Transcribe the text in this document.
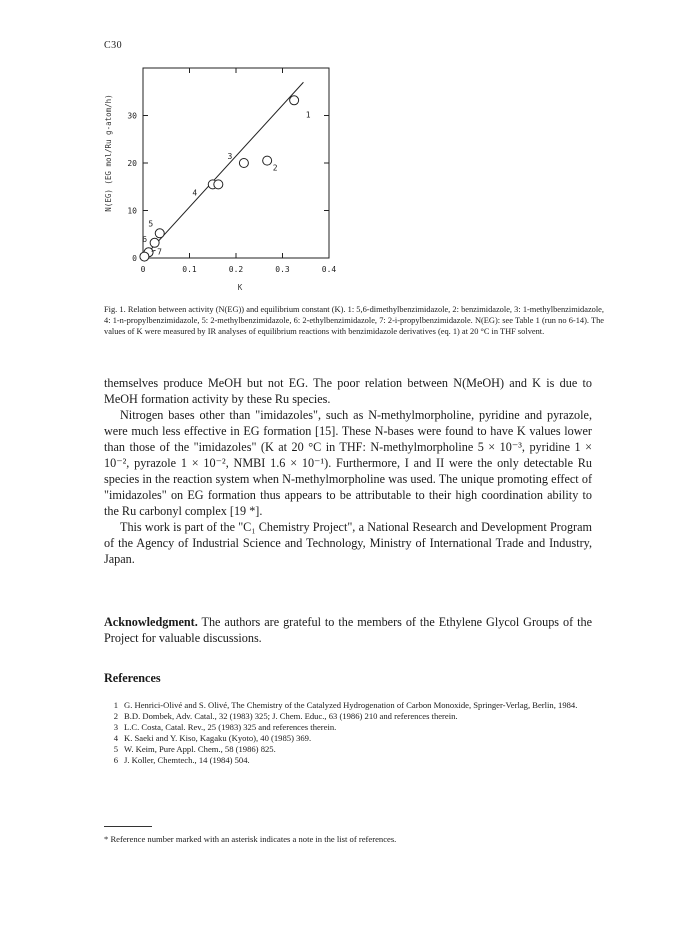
C30
0	0.1	0.2	0.3	0.4
0
10
20
30
N(EG) (EG mol/Ru g-atom/h)
K
1
2
3
4
5
6
7
Fig. 1. Relation between activity (N(EG)) and equilibrium constant (K). 1: 5,6-dimethylbenzimidazole, 2: benzimidazole, 3: 1-methylbenzimidazole, 4: 1-n-propylbenzimidazole, 5: 2-methylbenzimidazole, 6: 2-ethylbenzimidazole, 7: 2-i-propylbenzimidazole. N(EG): see Table 1 (run no 6-14). The values of K were measured by IR analyses of equilibrium reactions with benzimidazole derivatives (eq. 1) at 20 °C in THF solvent.

themselves produce MeOH but not EG. The poor relation between N(MeOH) and K is due to MeOH formation activity by these Ru species.

Nitrogen bases other than "imidazoles", such as N-methylmorpholine, pyridine and pyrazole, were much less effective in EG formation [15]. These N-bases were found to have K values lower than those of the "imidazoles" (K at 20 °C in THF: N-methylmorpholine 5 × 10⁻³, pyridine 1 × 10⁻², pyrazole 1 × 10⁻², NMBI 1.6 × 10⁻¹). Furthermore, I and II were the only detectable Ru species in the reaction system when N-methylmorpholine was used. The unique promoting effect of "imidazoles" on EG formation thus appears to be attributable to their high coordination ability to the Ru carbonyl complex [19 *].

This work is part of the "C₁ Chemistry Project", a National Research and Development Program of the Agency of Industrial Science and Technology, Ministry of International Trade and Industry, Japan.

Acknowledgment. The authors are grateful to the members of the Ethylene Glycol Groups of the Project for valuable discussions.
References
1 G. Henrici-Olivé and S. Olivé, The Chemistry of the Catalyzed Hydrogenation of Carbon Monoxide, Springer-Verlag, Berlin, 1984.
2 B.D. Dombek, Adv. Catal., 32 (1983) 325; J. Chem. Educ., 63 (1986) 210 and references therein.
3 L.C. Costa, Catal. Rev., 25 (1983) 325 and references therein.
4 K. Saeki and Y. Kiso, Kagaku (Kyoto), 40 (1985) 369.
5 W. Keim, Pure Appl. Chem., 58 (1986) 825.
6 J. Koller, Chemtech., 14 (1984) 504.
* Reference number marked with an asterisk indicates a note in the list of references.
